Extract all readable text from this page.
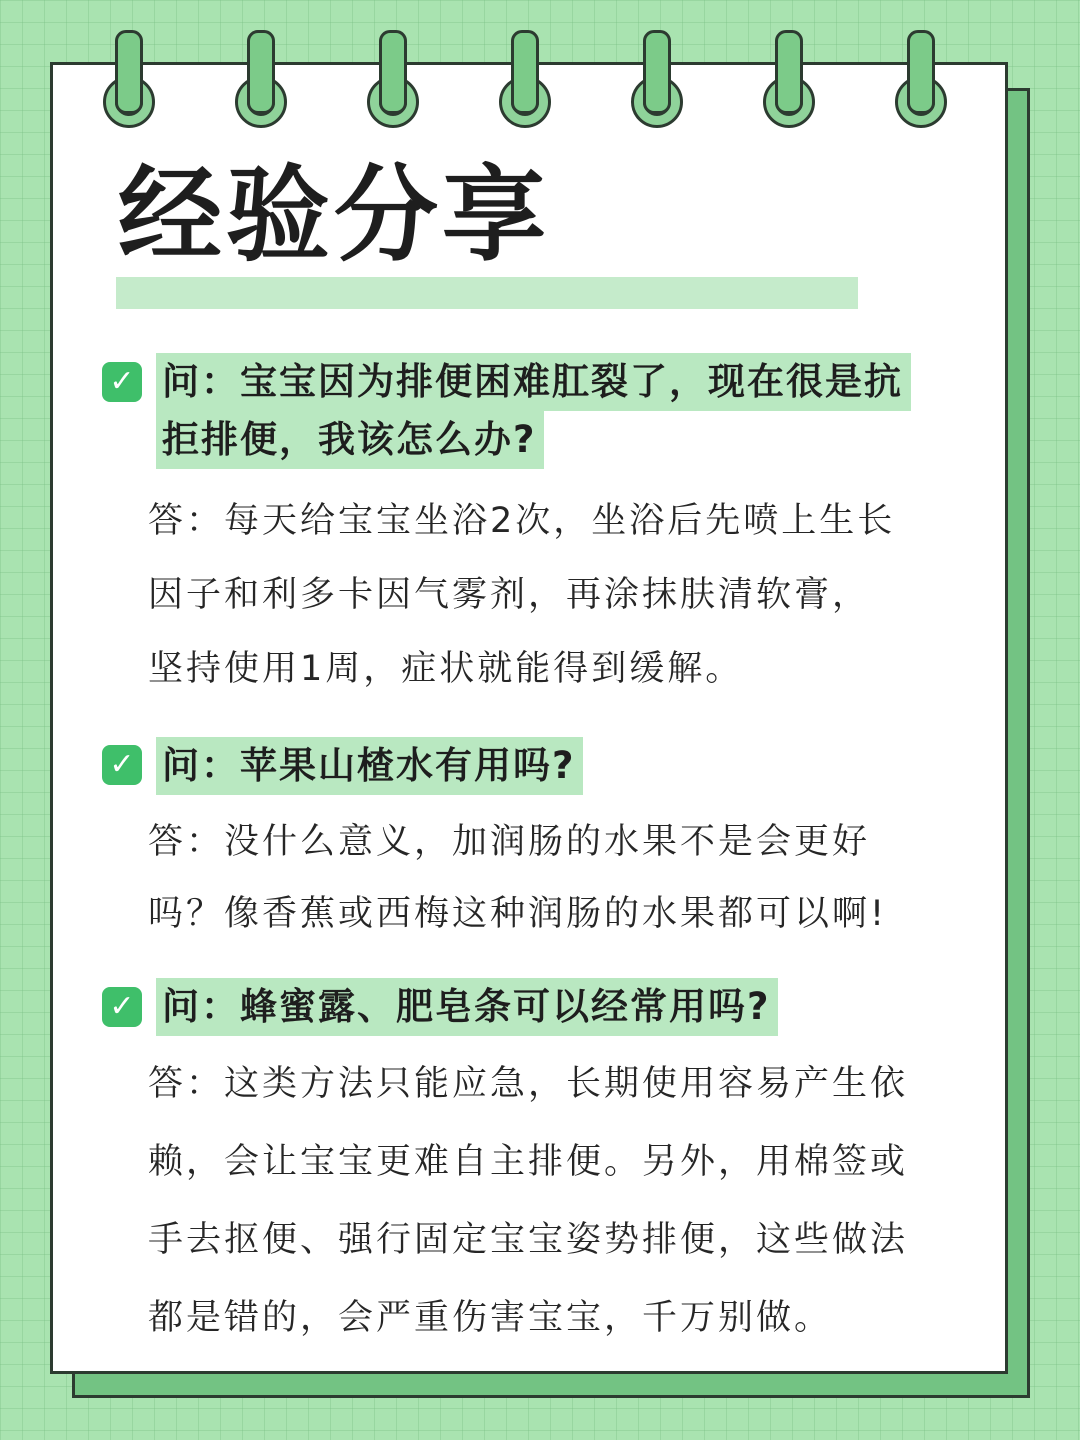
经验分享
✓ 问：宝宝因为排便困难肛裂了，现在很是抗
拒排便，我该怎么办?
答：每天给宝宝坐浴2次，坐浴后先喷上生长
因子和利多卡因气雾剂，再涂抹肤清软膏，
坚持使用1周，症状就能得到缓解。
✓ 问：苹果山楂水有用吗?
答：没什么意义，加润肠的水果不是会更好
吗？像香蕉或西梅这种润肠的水果都可以啊!
✓ 问：蜂蜜露、肥皂条可以经常用吗?
答：这类方法只能应急，长期使用容易产生依
赖，会让宝宝更难自主排便。另外，用棉签或
手去抠便、强行固定宝宝姿势排便，这些做法
都是错的，会严重伤害宝宝，千万别做。
